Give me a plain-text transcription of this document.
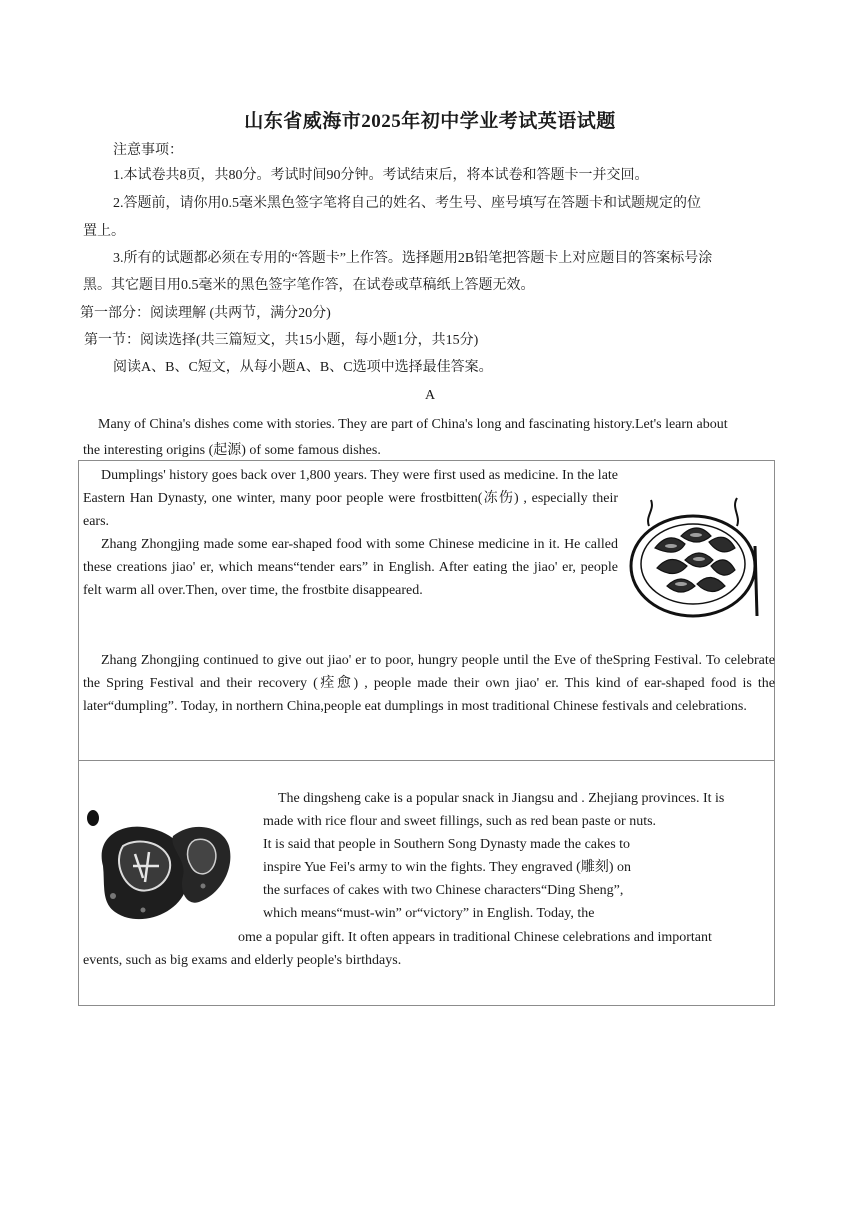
山东省威海市2025年初中学业考试英语试题
注意事项：
1.本试卷共8页，共80分。考试时间90分钟。考试结束后，将本试卷和答题卡一并交回。
2.答题前，请你用0.5毫米黑色签字笔将自己的姓名、考生号、座号填写在答题卡和试题规定的位
置上。
3.所有的试题都必须在专用的“答题卡”上作答。选择题用2B铅笔把答题卡上对应题目的答案标号涂
黑。其它题目用0.5毫米的黑色签字笔作答，在试卷或草稿纸上答题无效。
第一部分：阅读理解 (共两节，满分20分)
第一节：阅读选择(共三篇短文，共15小题，每小题1分，共15分)
阅读A、B、C短文，从每小题A、B、C选项中选择最佳答案。
A
Many of China's dishes come with stories. They are part of China's long and fascinating history.Let's learn about
the interesting origins (起源) of some famous dishes.

Dumplings' history goes back over 1,800 years. They were first used as medicine. In the late Eastern Han Dynasty, one winter, many poor people were frostbitten(冻伤) , especially their ears.

Zhang Zhongjing made some ear-shaped food with some Chinese medicine in it. He called these creations jiao' er, which means“tender ears” in English. After eating the jiao' er, people felt warm all over.Then, over time, the frostbite disappeared.

Zhang Zhongjing continued to give out jiao' er to poor, hungry people until the Eve of theSpring Festival. To celebrate the Spring Festival and their recovery (痊愈) , people made their own jiao' er. This kind of ear-shaped food is the later“dumpling”. Today, in northern China,people eat dumplings in most traditional Chinese festivals and celebrations.

The dingsheng cake is a popular snack in Jiangsu and . Zhejiang provinces. It is
made with rice flour and sweet fillings, such as red bean paste or nuts.
It is said that people in Southern Song Dynasty made the cakes to
inspire Yue Fei's army to win the fights. They engraved (雕刻) on
the surfaces of cakes with two Chinese characters“Ding Sheng”,
which means“must-win” or“victory” in English. Today, the
ome a popular gift. It often appears in traditional Chinese celebrations and important
events, such as big exams and elderly people's birthdays.
